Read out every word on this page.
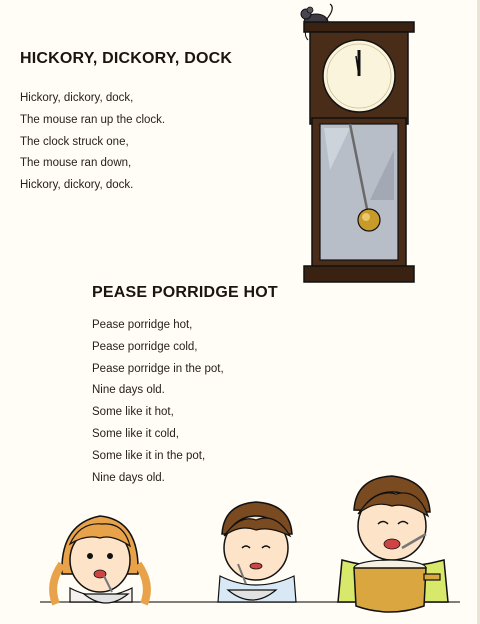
HICKORY, DICKORY, DOCK
Hickory, dickory, dock,
The mouse ran up the clock.
The clock struck one,
The mouse ran down,
Hickory, dickory, dock.
PEASE PORRIDGE HOT
Pease porridge hot,
Pease porridge cold,
Pease porridge in the pot,
Nine days old.
Some like it hot,
Some like it cold,
Some like it in the pot,
Nine days old.
